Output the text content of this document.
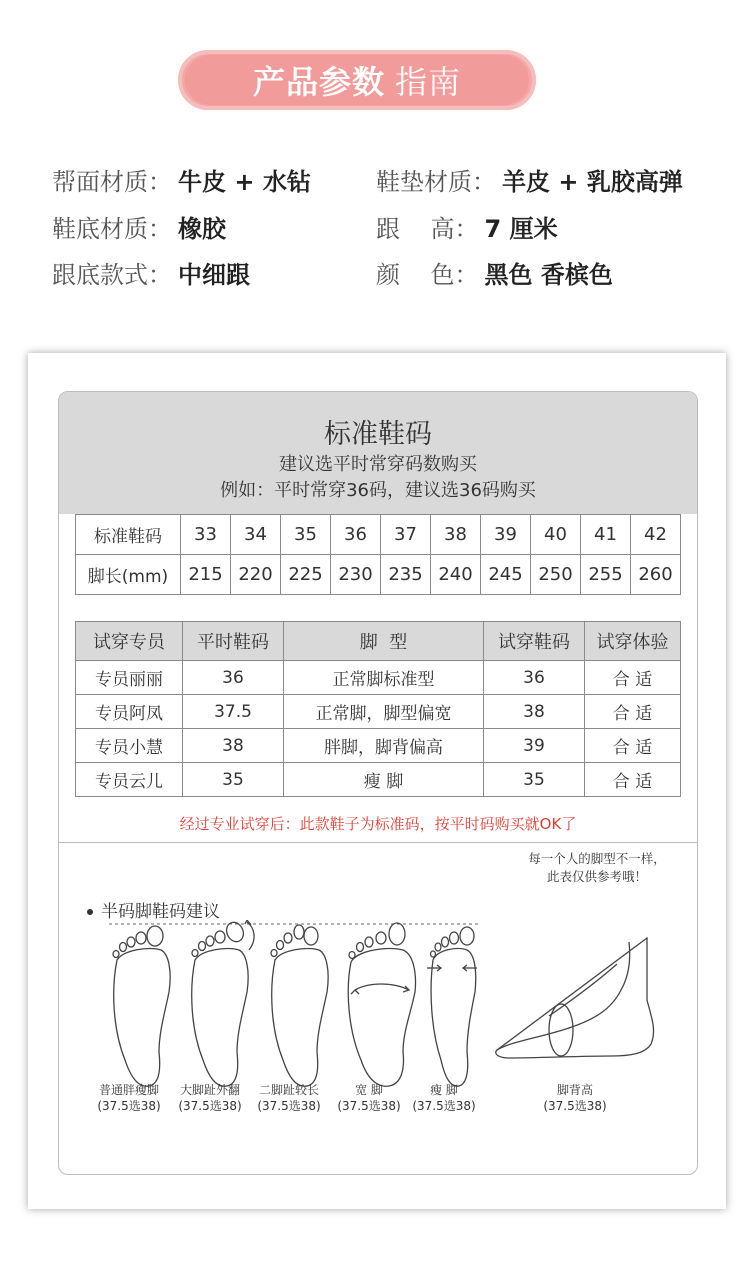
产品参数 指南
帮面材质： 牛皮 + 水钻	鞋垫材质： 羊皮 + 乳胶高弹
鞋底材质： 橡胶	跟    高： 7 厘米
跟底款式： 中细跟	颜    色： 黑色 香槟色
标准鞋码
建议选平时常穿码数购买
例如：平时常穿36码，建议选36码购买
标准鞋码	33	34	35	36	37	38	39	40	41	42
脚长(mm)	215	220	225	230	235	240	245	250	255	260
试穿专员	平时鞋码	脚  型	试穿鞋码	试穿体验
专员丽丽	36	正常脚标准型	36	合 适
专员阿凤	37.5	正常脚，脚型偏宽	38	合 适
专员小慧	38	胖脚，脚背偏高	39	合 适
专员云儿	35	瘦 脚	35	合 适
经过专业试穿后：此款鞋子为标准码，按平时码购买就OK了
每一个人的脚型不一样，
此表仅供参考哦！
半码脚鞋码建议
普通胖瘦脚
(37.5选38)
大脚趾外翻
(37.5选38)
二脚趾较长
(37.5选38)
宽 脚
(37.5选38)
瘦 脚
(37.5选38)
脚背高
(37.5选38)
